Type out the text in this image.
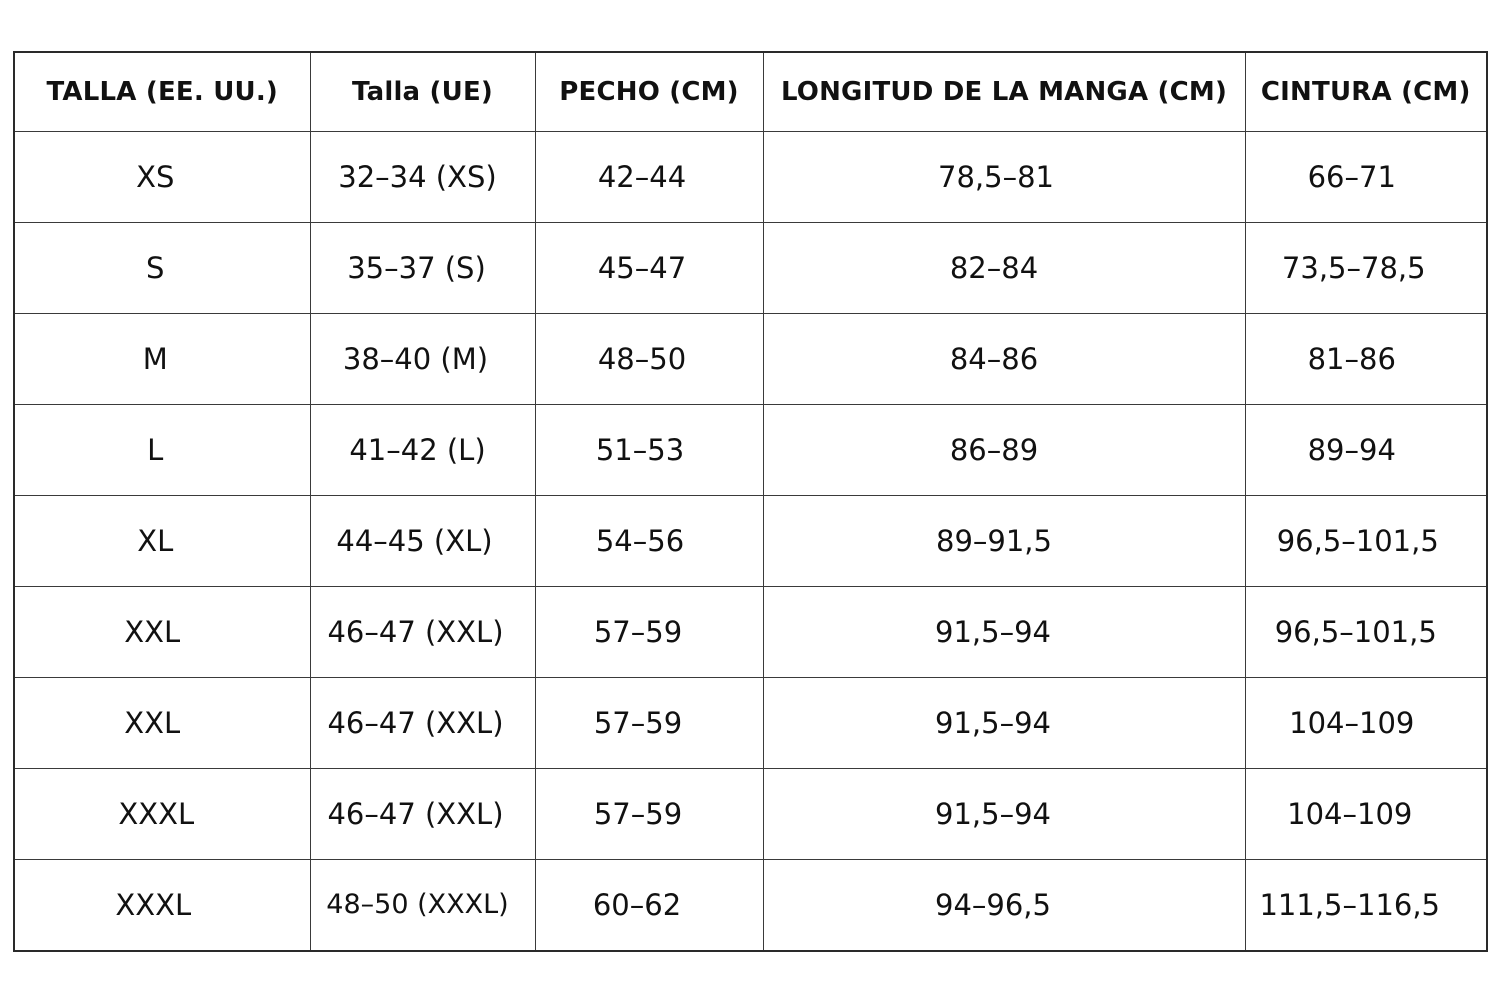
TALLA (EE. UU.)	Talla (UE)	PECHO (CM)	LONGITUD DE LA MANGA (CM)	CINTURA (CM)
XS	32–34 (XS)	42–44	78,5–81	66–71
S	35–37 (S)	45–47	82–84	73,5–78,5
M	38–40 (M)	48–50	84–86	81–86
L	41–42 (L)	51–53	86–89	89–94
XL	44–45 (XL)	54–56	89–91,5	96,5–101,5
XXL	46–47 (XXL)	57–59	91,5–94	96,5–101,5
XXL	46–47 (XXL)	57–59	91,5–94	104–109
XXXL	46–47 (XXL)	57–59	91,5–94	104–109
XXXL	48–50 (XXXL)	60–62	94–96,5	111,5–116,5
